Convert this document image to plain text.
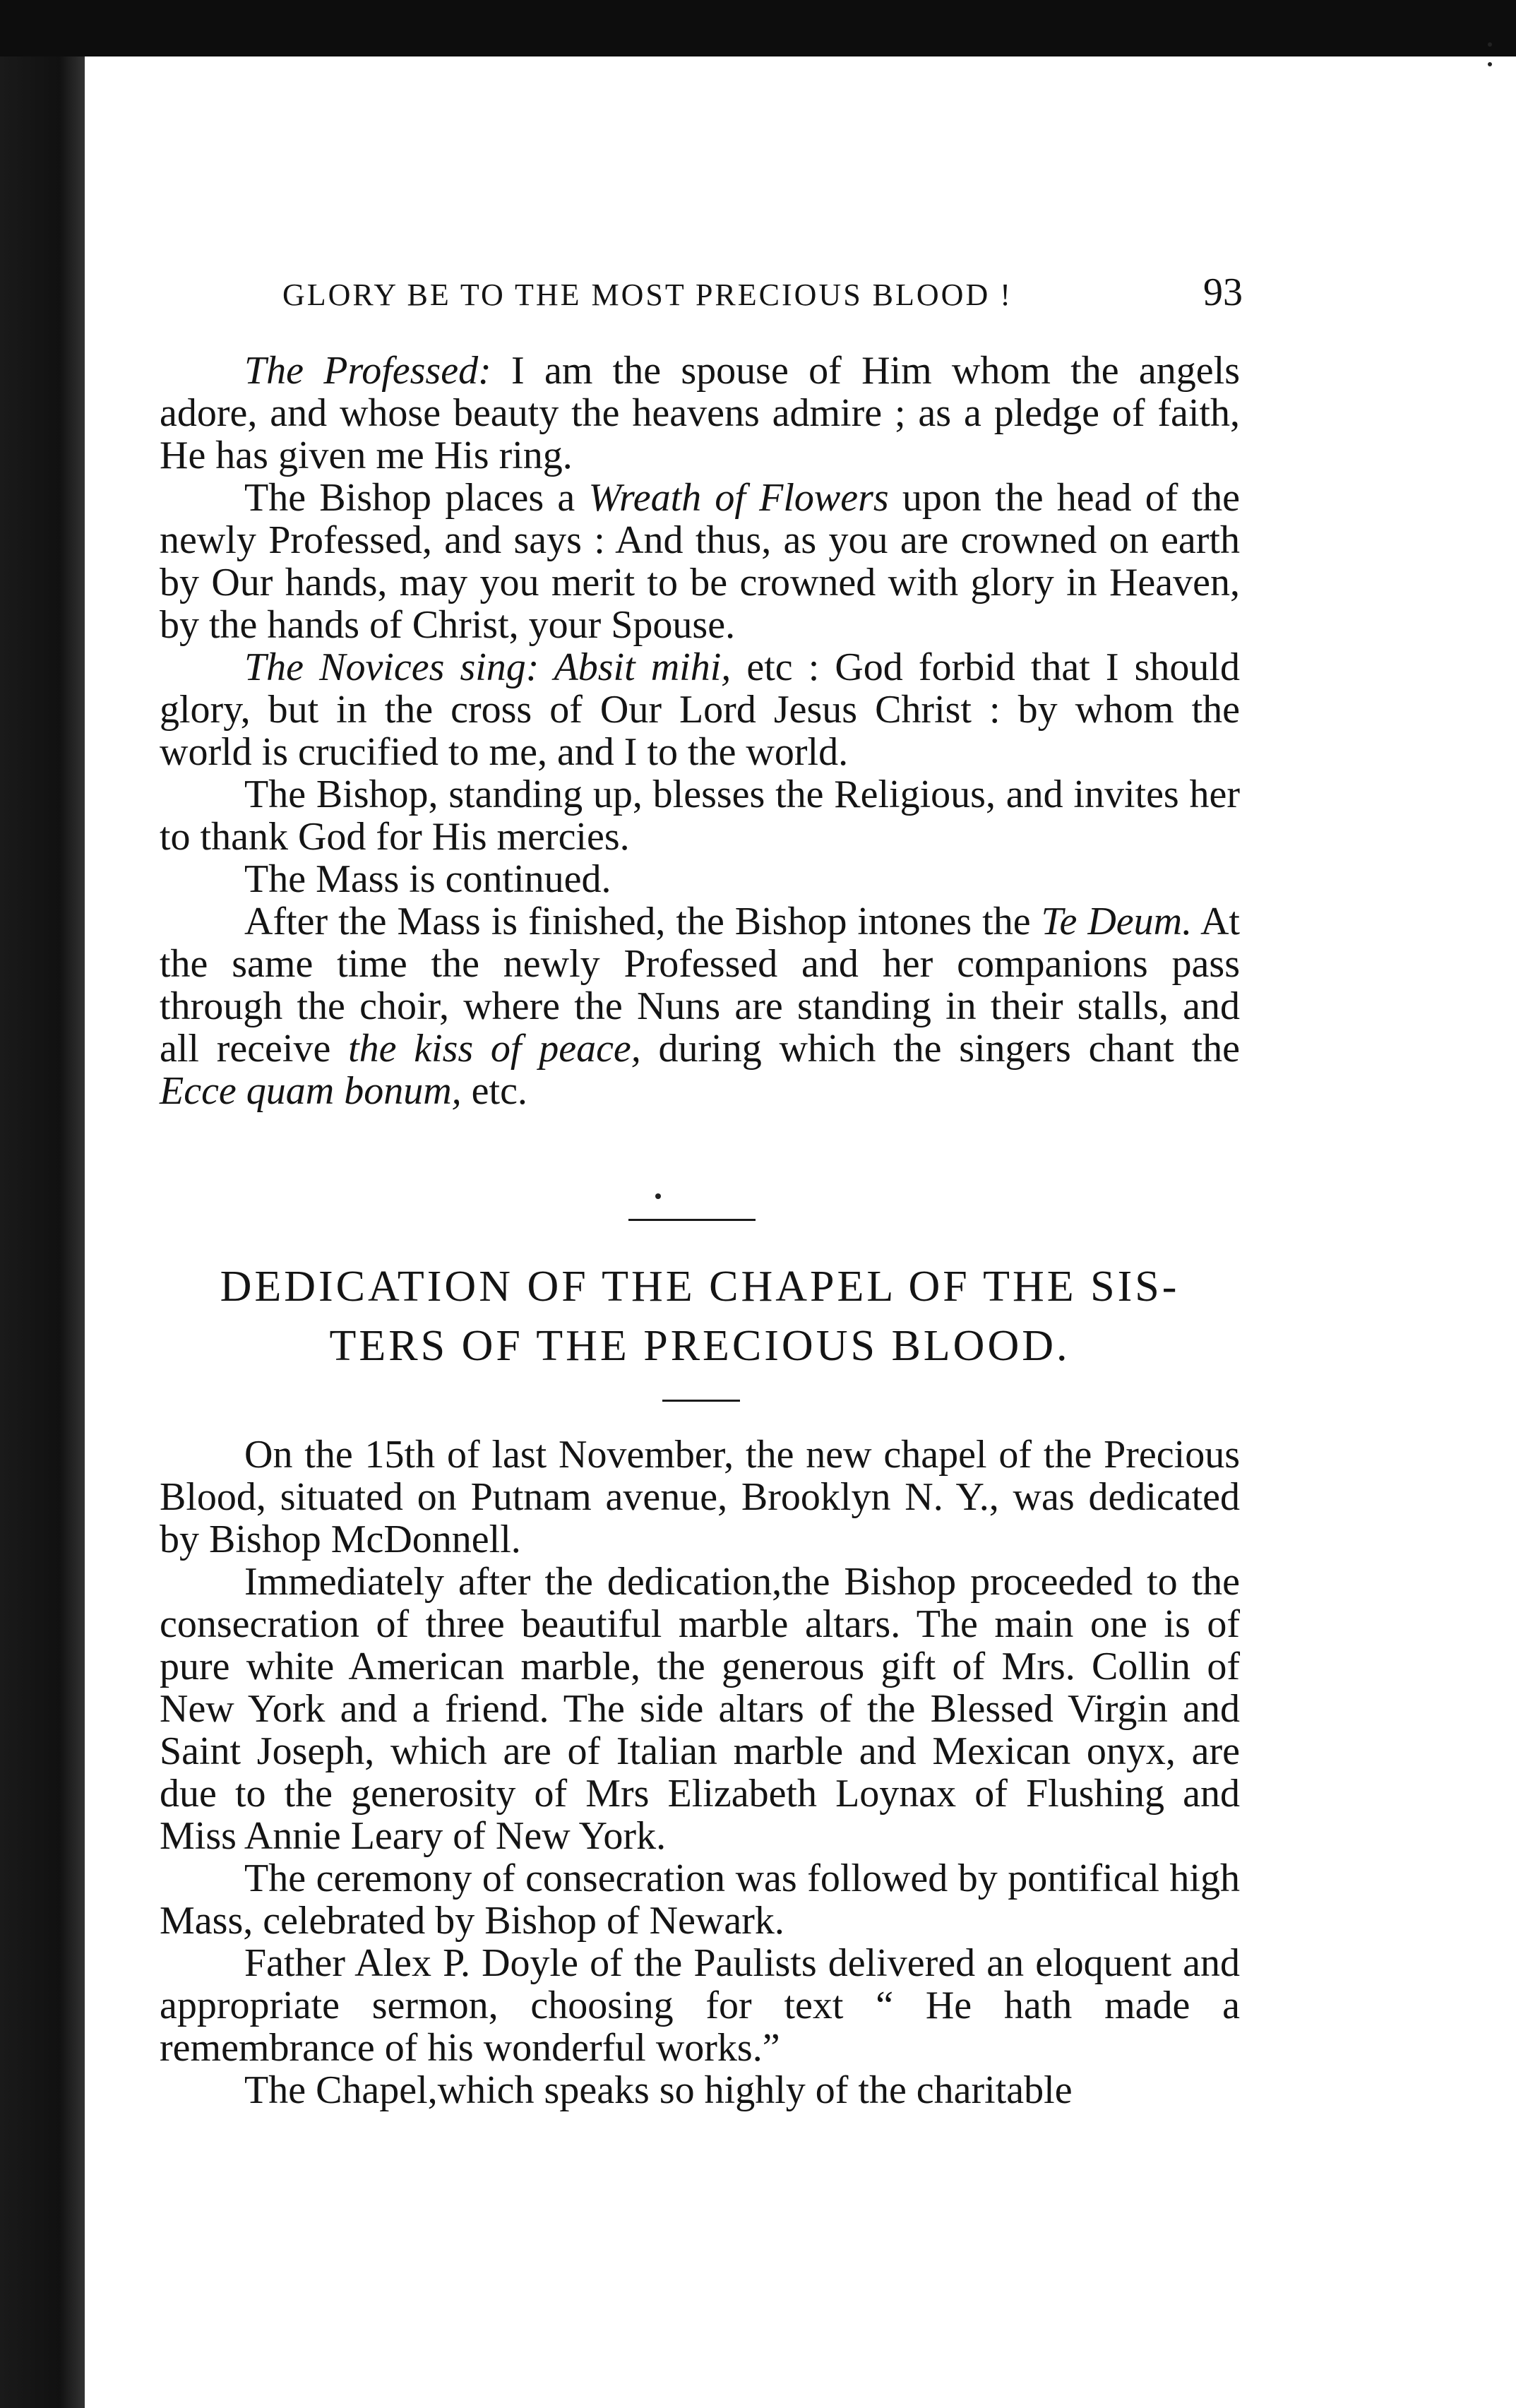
GLORY BE TO THE MOST PRECIOUS BLOOD !	93

The Professed: I am the spouse of Him whom the angels adore, and whose beauty the heavens admire ; as a pledge of faith, He has given me His ring.

The Bishop places a Wreath of Flowers upon the head of the newly Professed, and says : And thus, as you are crowned on earth by Our hands, may you merit to be crowned with glory in Heaven, by the hands of Christ, your Spouse.

The Novices sing: Absit mihi, etc : God forbid that I should glory, but in the cross of Our Lord Jesus Christ : by whom the world is crucified to me, and I to the world.

The Bishop, standing up, blesses the Religious, and invites her to thank God for His mercies.

The Mass is continued.

After the Mass is finished, the Bishop intones the Te Deum. At the same time the newly Professed and her companions pass through the choir, where the Nuns are standing in their stalls, and all receive the kiss of peace, during which the singers chant the Ecce quam bonum, etc.

DEDICATION OF THE CHAPEL OF THE SIS-
TERS OF THE PRECIOUS BLOOD.

On the 15th of last November, the new chapel of the Precious Blood, situated on Putnam avenue, Brooklyn N. Y., was dedicated by Bishop McDonnell.

Immediately after the dedication,the Bishop proceeded to the consecration of three beautiful marble altars. The main one is of pure white American marble, the generous gift of Mrs. Collin of New York and a friend. The side altars of the Blessed Virgin and Saint Joseph, which are of Italian marble and Mexican onyx, are due to the generosity of Mrs Elizabeth Loynax of Flushing and Miss Annie Leary of New York.

The ceremony of consecration was followed by pontifical high Mass, celebrated by Bishop of Newark.

Father Alex P. Doyle of the Paulists delivered an eloquent and appropriate sermon, choosing for text “ He hath made a remembrance of his wonderful works.”

The Chapel,which speaks so highly of the charitable
